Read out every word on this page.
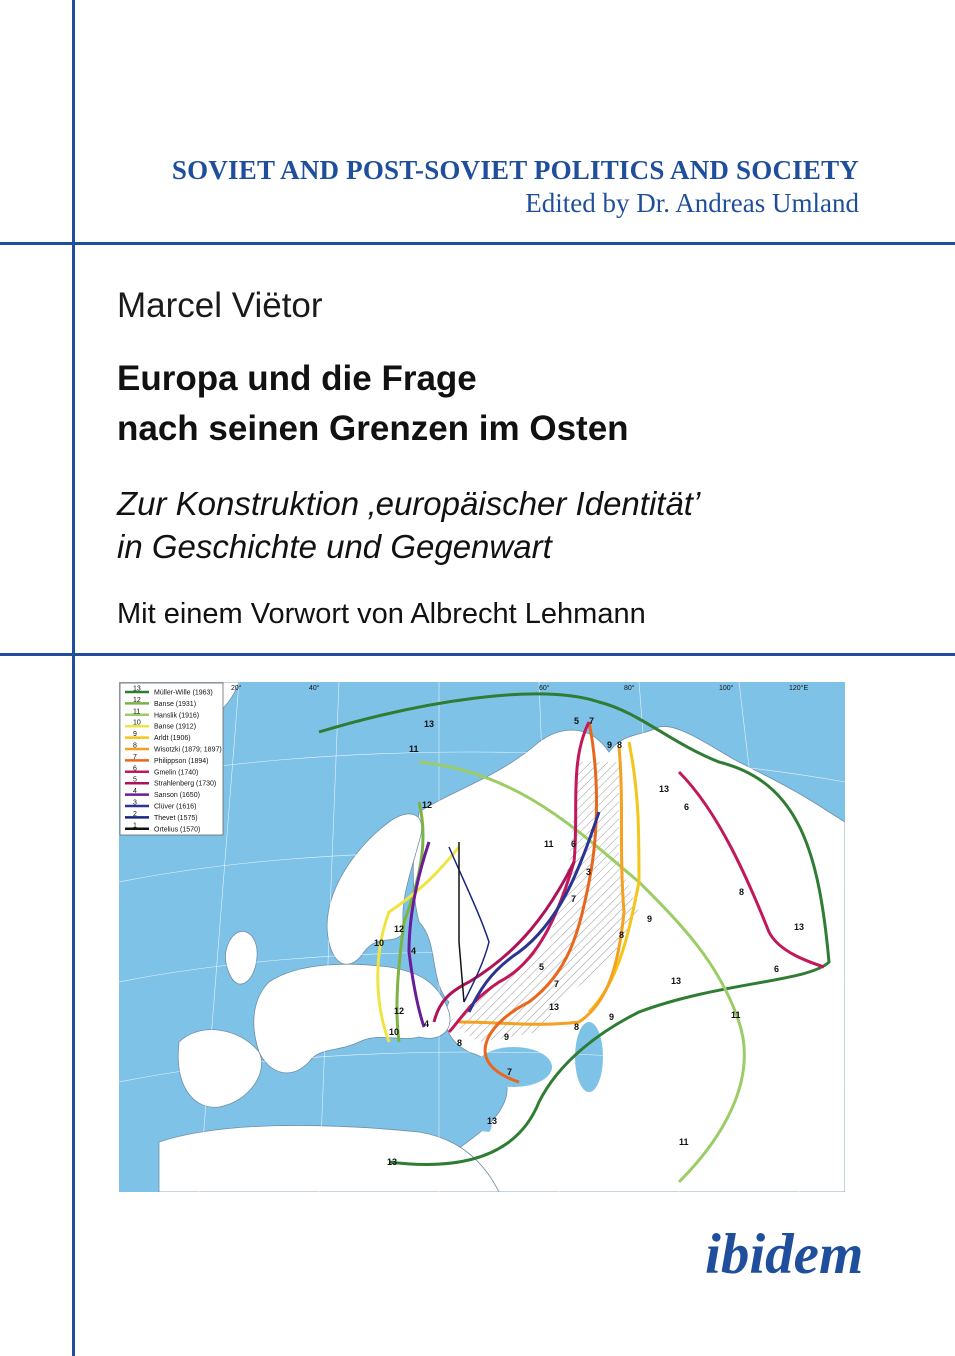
SOVIET AND POST-SOVIET POLITICS AND SOCIETY
Edited by Dr. Andreas Umland
Marcel Viëtor
Europa und die Frage
nach seinen Grenzen im Osten
Zur Konstruktion ‚europäischer Identität’
in Geschichte und Gegenwart
Mit einem Vorwort von Albrecht Lehmann
13
11
12
13
6
8
13
6
13
11
10
12
12
10
4
4
11 6
3
7
9
8
5
7
13
8
9
8
9
7
13
13
11
5 7
9 8
20°	40°	60°	80°	100°	120°E
13
Müller-Wille (1963)
12
Banse (1931)
11
Hanslik (1916)
10
Banse (1912)
9
Arldt (1906)
8
Wisotzki (1879; 1897)
7
Philippson (1894)
6
Gmelin (1740)
5
Strahlenberg (1730)
4
Sanson (1650)
3
Clüver (1616)
2
Thevet (1575)
1
Ortelius (1570)
ibidem
